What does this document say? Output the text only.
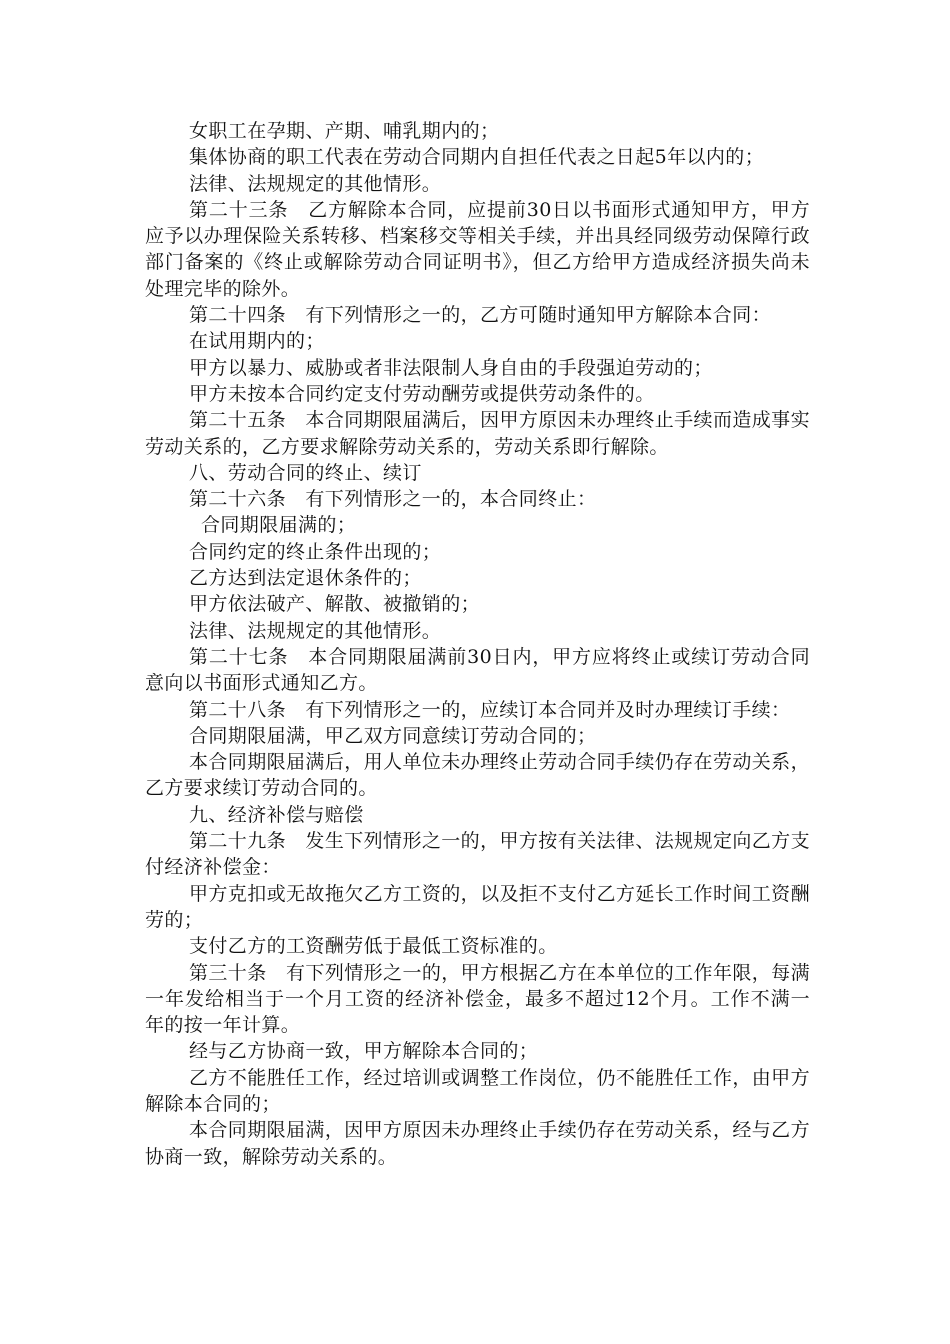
女职工在孕期、产期、哺乳期内的；

集体协商的职工代表在劳动合同期内自担任代表之日起5年以内的；

法律、法规规定的其他情形。

第二十三条　乙方解除本合同，应提前30日以书面形式通知甲方，甲方应予以办理保险关系转移、档案移交等相关手续，并出具经同级劳动保障行政部门备案的《终止或解除劳动合同证明书》，但乙方给甲方造成经济损失尚未处理完毕的除外。

第二十四条　有下列情形之一的，乙方可随时通知甲方解除本合同：

在试用期内的；

甲方以暴力、威胁或者非法限制人身自由的手段强迫劳动的；

甲方未按本合同约定支付劳动酬劳或提供劳动条件的。

第二十五条　本合同期限届满后，因甲方原因未办理终止手续而造成事实劳动关系的，乙方要求解除劳动关系的，劳动关系即行解除。

八、劳动合同的终止、续订

第二十六条　有下列情形之一的，本合同终止：

合同期限届满的；

合同约定的终止条件出现的；

乙方达到法定退休条件的；

甲方依法破产、解散、被撤销的；

法律、法规规定的其他情形。

第二十七条　本合同期限届满前30日内，甲方应将终止或续订劳动合同意向以书面形式通知乙方。

第二十八条　有下列情形之一的，应续订本合同并及时办理续订手续：

合同期限届满，甲乙双方同意续订劳动合同的；

本合同期限届满后，用人单位未办理终止劳动合同手续仍存在劳动关系，乙方要求续订劳动合同的。

九、经济补偿与赔偿

第二十九条　发生下列情形之一的，甲方按有关法律、法规规定向乙方支付经济补偿金：

甲方克扣或无故拖欠乙方工资的，以及拒不支付乙方延长工作时间工资酬劳的；

支付乙方的工资酬劳低于最低工资标准的。

第三十条　有下列情形之一的，甲方根据乙方在本单位的工作年限，每满一年发给相当于一个月工资的经济补偿金，最多不超过12个月。工作不满一年的按一年计算。

经与乙方协商一致，甲方解除本合同的；

乙方不能胜任工作，经过培训或调整工作岗位，仍不能胜任工作，由甲方解除本合同的；

本合同期限届满，因甲方原因未办理终止手续仍存在劳动关系，经与乙方协商一致，解除劳动关系的。
